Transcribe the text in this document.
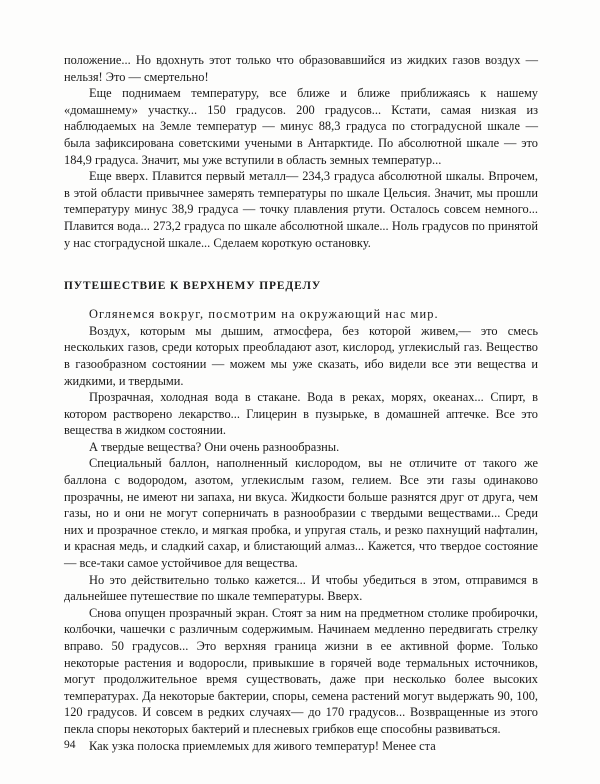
положение... Но вдохнуть этот только что образовавшийся из жидких газов воздух — нельзя! Это — смертельно!

Еще поднимаем температуру, все ближе и ближе приближаясь к нашему «домашнему» участку... 150 градусов. 200 градусов... Кстати, самая низкая из наблюдаемых на Земле температур — минус 88,3 градуса по стоградусной шкале — была зафиксирована советскими учеными в Антарктиде. По абсолютной шкале — это 184,9 градуса. Значит, мы уже вступили в область земных температур...

Еще вверх. Плавится первый металл— 234,3 градуса абсолютной шкалы. Впрочем, в этой области привычнее замерять температуры по шкале Цельсия. Значит, мы прошли температуру минус 38,9 градуса — точку плавления ртути. Осталось совсем немного... Плавится вода... 273,2 градуса по шкале абсолютной шкале... Ноль градусов по принятой у нас стоградусной шкале... Сделаем короткую остановку.

ПУТЕШЕСТВИЕ К ВЕРХНЕМУ ПРЕДЕЛУ

Оглянемся вокруг, посмотрим на окружающий нас мир.

Воздух, которым мы дышим, атмосфера, без которой живем,— это смесь нескольких газов, среди которых преобладают азот, кислород, углекислый газ. Вещество в газообразном состоянии — можем мы уже сказать, ибо видели все эти вещества и жидкими, и твердыми.

Прозрачная, холодная вода в стакане. Вода в реках, морях, океанах... Спирт, в котором растворено лекарство... Глицерин в пузырьке, в домашней аптечке. Все это вещества в жидком состоянии.

А твердые вещества? Они очень разнообразны.

Специальный баллон, наполненный кислородом, вы не отличите от такого же баллона с водородом, азотом, углекислым газом, гелием. Все эти газы одинаково прозрачны, не имеют ни запаха, ни вкуса. Жидкости больше разнятся друг от друга, чем газы, но и они не могут соперничать в разнообразии с твердыми веществами... Среди них и прозрачное стекло, и мягкая пробка, и упругая сталь, и резко пахнущий нафталин, и красная медь, и сладкий сахар, и блистающий алмаз... Кажется, что твердое состояние — все-таки самое устойчивое для вещества.

Но это действительно только кажется... И чтобы убедиться в этом, отправимся в дальнейшее путешествие по шкале температуры. Вверх.

Снова опущен прозрачный экран. Стоят за ним на предметном столике пробирочки, колбочки, чашечки с различным содержимым. Начинаем медленно передвигать стрелку вправо. 50 градусов... Это верхняя граница жизни в ее активной форме. Только некоторые растения и водоросли, привыкшие в горячей воде термальных источников, могут продолжительное время существовать, даже при несколько более высоких температурах. Да некоторые бактерии, споры, семена растений могут выдержать 90, 100, 120 градусов. И совсем в редких случаях— до 170 градусов... Возвращенные из этого пекла споры некоторых бактерий и плесневых грибков еще способны развиваться.

Как узка полоска приемлемых для живого температур! Менее ста

94
